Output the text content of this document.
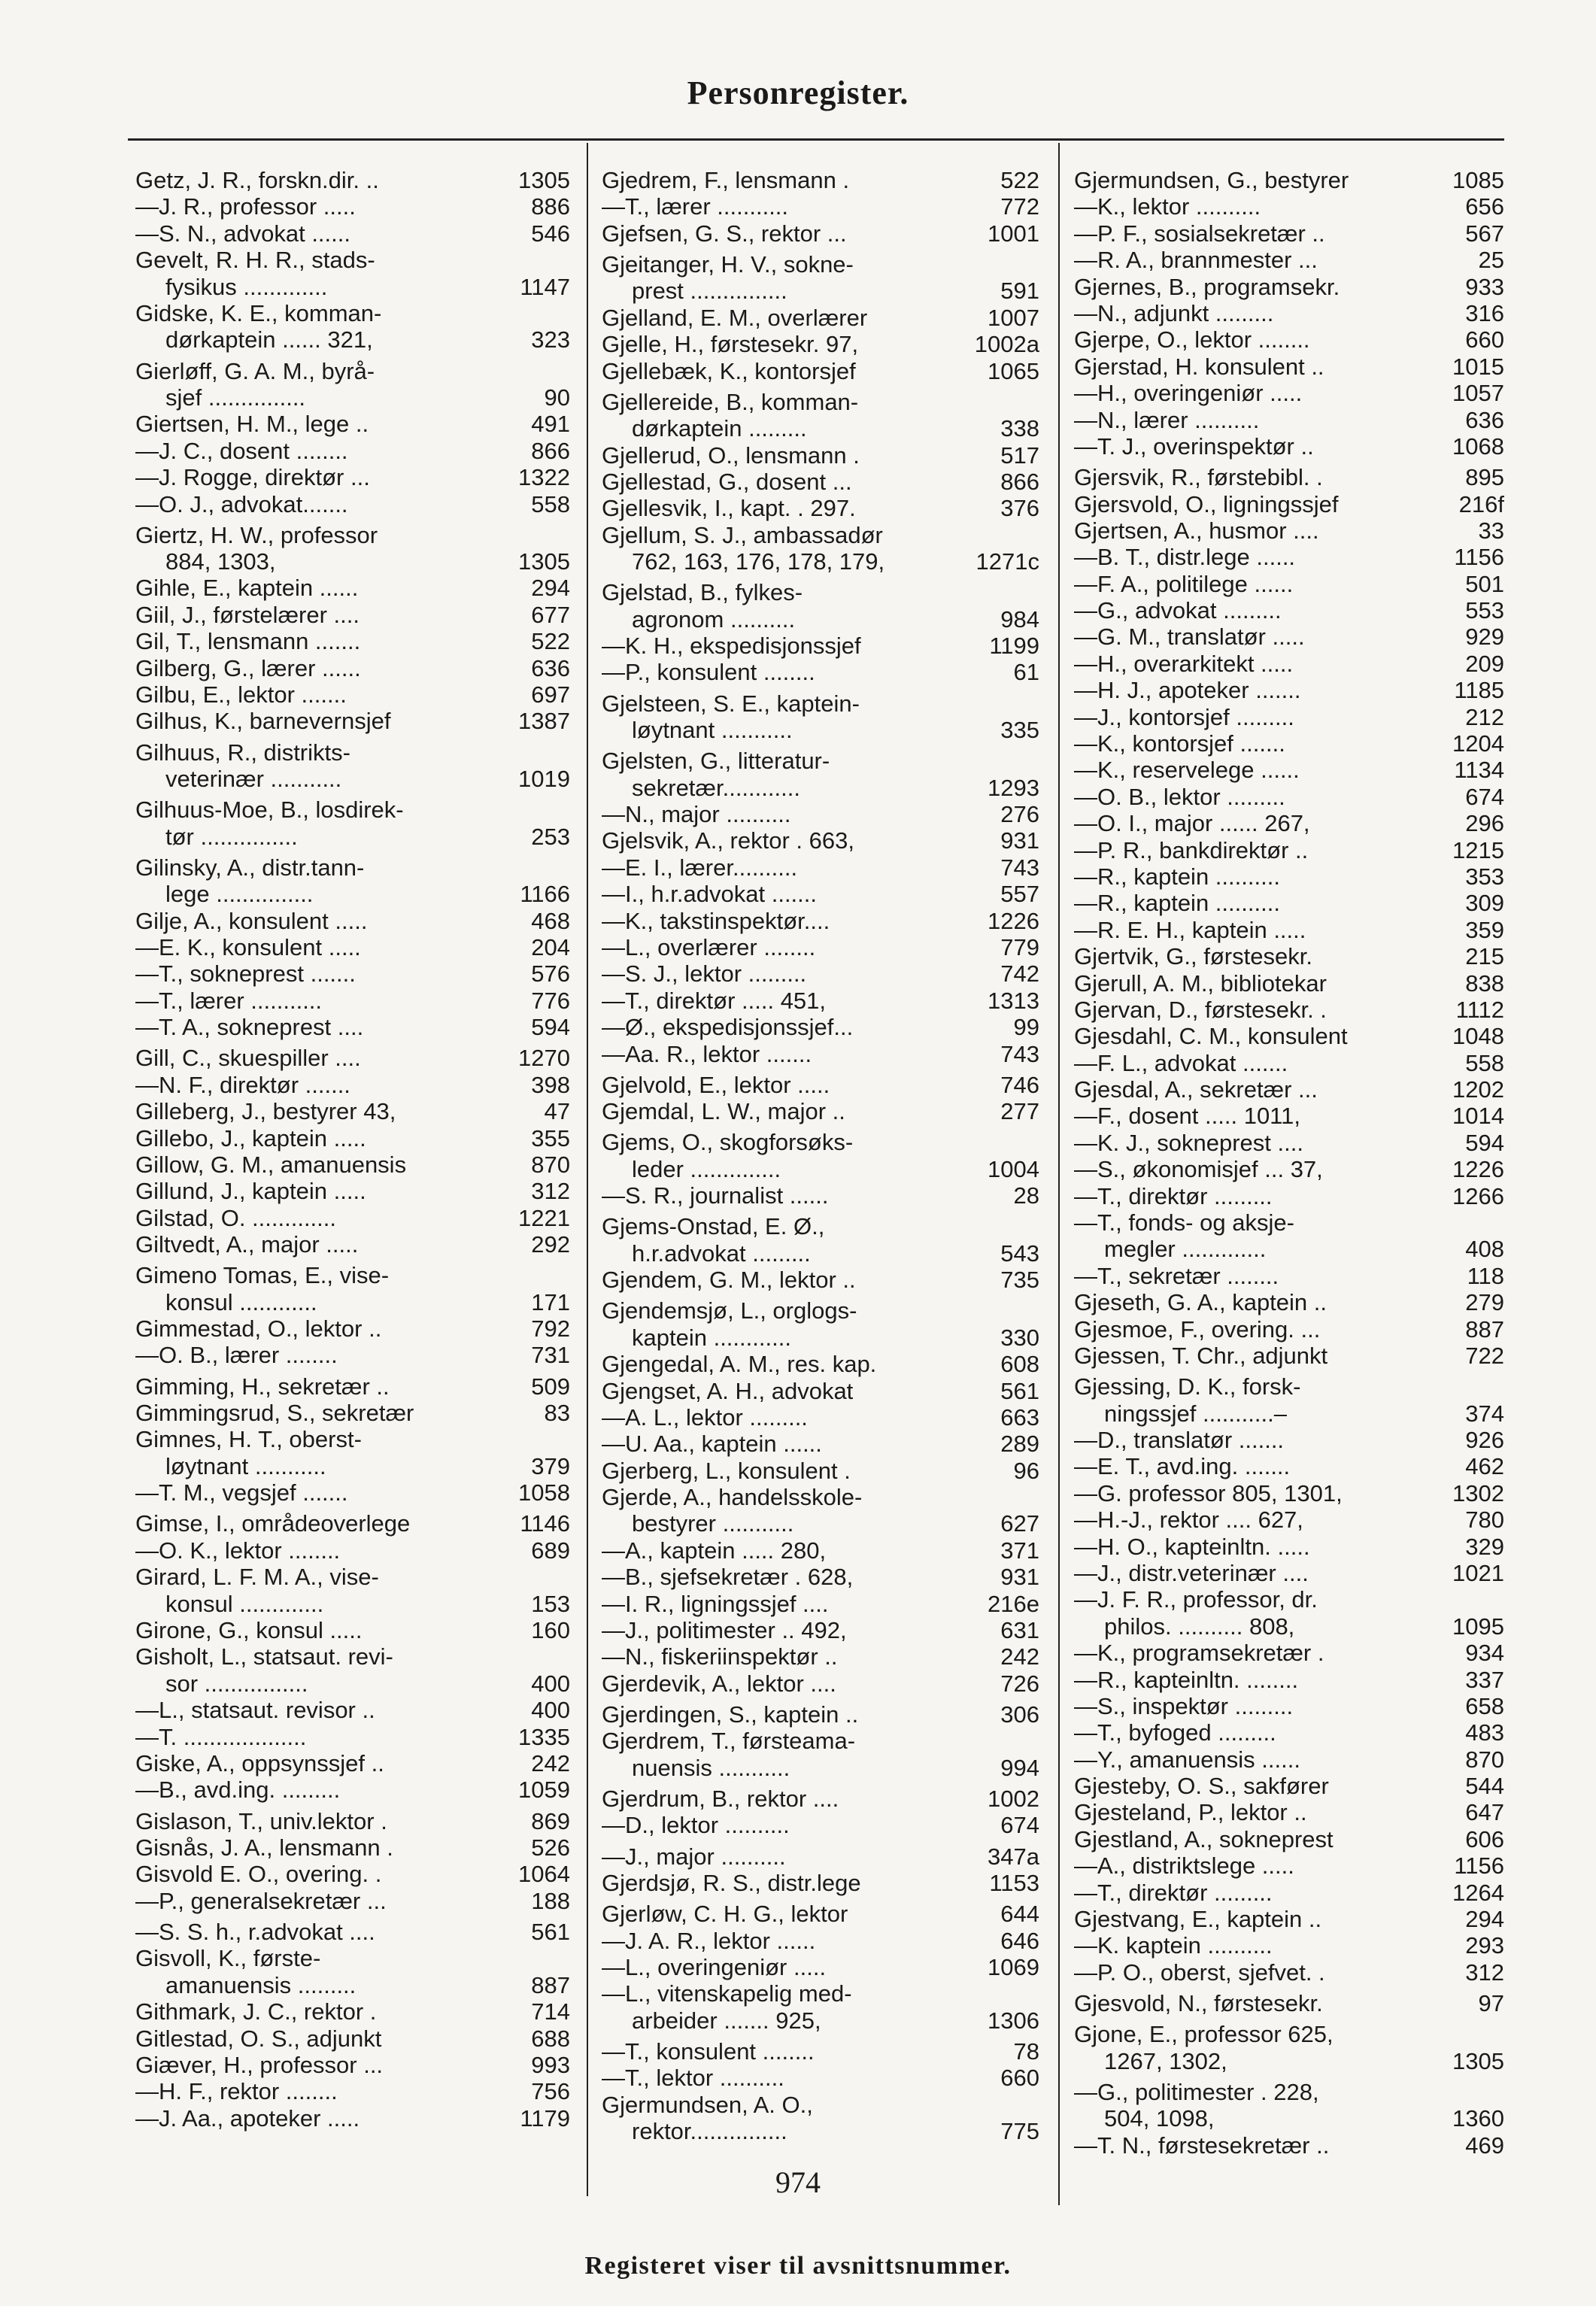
Personregister.
Getz, J. R., forskn.dir. ..	1305
—J. R., professor .....	886
—S. N., advokat ......	546
Gevelt, R. H. R., stads-
fysikus .............	1147
Gidske, K. E., komman-
dørkaptein ...... 321,	323
Gierløff, G. A. M., byrå-
sjef ...............	90
Giertsen, H. M., lege ..	491
—J. C., dosent ........	866
—J. Rogge, direktør ...	1322
—O. J., advokat.......	558
Giertz, H. W., professor
884, 1303,	1305
Gihle, E., kaptein ......	294
Giil, J., førstelærer ....	677
Gil, T., lensmann .......	522
Gilberg, G., lærer ......	636
Gilbu, E., lektor .......	697
Gilhus, K., barnevernsjef	1387
Gilhuus, R., distrikts-
veterinær ...........	1019
Gilhuus-Moe, B., losdirek-
tør ...............	253
Gilinsky, A., distr.tann-
lege ...............	1166
Gilje, A., konsulent .....	468
—E. K., konsulent .....	204
—T., sokneprest .......	576
—T., lærer ...........	776
—T. A., sokneprest ....	594
Gill, C., skuespiller ....	1270
—N. F., direktør .......	398
Gilleberg, J., bestyrer 43,	47
Gillebo, J., kaptein .....	355
Gillow, G. M., amanuensis	870
Gillund, J., kaptein .....	312
Gilstad, O. .............	1221
Giltvedt, A., major .....	292
Gimeno Tomas, E., vise-
konsul ............	171
Gimmestad, O., lektor ..	792
—O. B., lærer ........	731
Gimming, H., sekretær ..	509
Gimmingsrud, S., sekretær	83
Gimnes, H. T., oberst-
løytnant ...........	379
—T. M., vegsjef .......	1058
Gimse, I., områdeoverlege	1146
—O. K., lektor ........	689
Girard, L. F. M. A., vise-
konsul .............	153
Girone, G., konsul .....	160
Gisholt, L., statsaut. revi-
sor ................	400
—L., statsaut. revisor ..	400
—T. ...................	1335
Giske, A., oppsynssjef ..	242
—B., avd.ing. .........	1059
Gislason, T., univ.lektor .	869
Gisnås, J. A., lensmann .	526
Gisvold E. O., overing. .	1064
—P., generalsekretær ...	188
—S. S. h., r.advokat ....	561
Gisvoll, K., første-
amanuensis .........	887
Githmark, J. C., rektor .	714
Gitlestad, O. S., adjunkt	688
Giæver, H., professor ...	993
—H. F., rektor ........	756
—J. Aa., apoteker .....	1179
Gjedrem, F., lensmann .	522
—T., lærer ...........	772
Gjefsen, G. S., rektor ...	1001
Gjeitanger, H. V., sokne-
prest ...............	591
Gjelland, E. M., overlærer	1007
Gjelle, H., førstesekr. 97,	1002a
Gjellebæk, K., kontorsjef	1065
Gjellereide, B., komman-
dørkaptein .........	338
Gjellerud, O., lensmann .	517
Gjellestad, G., dosent ...	866
Gjellesvik, I., kapt. . 297.	376
Gjellum, S. J., ambassadør
762, 163, 176, 178, 179,	1271c
Gjelstad, B., fylkes-
agronom ..........	984
—K. H., ekspedisjonssjef	1199
—P., konsulent ........	61
Gjelsteen, S. E., kaptein-
løytnant ...........	335
Gjelsten, G., litteratur-
sekretær............	1293
—N., major ..........	276
Gjelsvik, A., rektor . 663,	931
—E. I., lærer..........	743
—I., h.r.advokat .......	557
—K., takstinspektør....	1226
—L., overlærer ........	779
—S. J., lektor .........	742
—T., direktør ..... 451,	1313
—Ø., ekspedisjonssjef...	99
—Aa. R., lektor .......	743
Gjelvold, E., lektor .....	746
Gjemdal, L. W., major ..	277
Gjems, O., skogforsøks-
leder ..............	1004
—S. R., journalist ......	28
Gjems-Onstad, E. Ø.,
h.r.advokat .........	543
Gjendem, G. M., lektor ..	735
Gjendemsjø, L., orglogs-
kaptein ............	330
Gjengedal, A. M., res. kap.	608
Gjengset, A. H., advokat	561
—A. L., lektor .........	663
—U. Aa., kaptein ......	289
Gjerberg, L., konsulent .	96
Gjerde, A., handelsskole-
bestyrer ...........	627
—A., kaptein ..... 280,	371
—B., sjefsekretær . 628,	931
—I. R., ligningssjef ....	216e
—J., politimester .. 492,	631
—N., fiskeriinspektør ..	242
Gjerdevik, A., lektor ....	726
Gjerdingen, S., kaptein ..	306
Gjerdrem, T., førsteama-
nuensis ...........	994
Gjerdrum, B., rektor ....	1002
—D., lektor ..........	674
—J., major ..........	347a
Gjerdsjø, R. S., distr.lege	1153
Gjerløw, C. H. G., lektor	644
—J. A. R., lektor ......	646
—L., overingeniør .....	1069
—L., vitenskapelig med-
arbeider ....... 925,	1306
—T., konsulent ........	78
—T., lektor ..........	660
Gjermundsen, A. O.,
rektor...............	775
Gjermundsen, G., bestyrer	1085
—K., lektor ..........	656
—P. F., sosialsekretær ..	567
—R. A., brannmester ...	25
Gjernes, B., programsekr.	933
—N., adjunkt .........	316
Gjerpe, O., lektor ........	660
Gjerstad, H. konsulent ..	1015
—H., overingeniør .....	1057
—N., lærer ..........	636
—T. J., overinspektør ..	1068
Gjersvik, R., førstebibl. .	895
Gjersvold, O., ligningssjef	216f
Gjertsen, A., husmor ....	33
—B. T., distr.lege ......	1156
—F. A., politilege ......	501
—G., advokat .........	553
—G. M., translatør .....	929
—H., overarkitekt .....	209
—H. J., apoteker .......	1185
—J., kontorsjef .........	212
—K., kontorsjef .......	1204
—K., reservelege ......	1134
—O. B., lektor .........	674
—O. I., major ...... 267,	296
—P. R., bankdirektør ..	1215
—R., kaptein ..........	353
—R., kaptein ..........	309
—R. E. H., kaptein .....	359
Gjertvik, G., førstesekr.	215
Gjerull, A. M., bibliotekar	838
Gjervan, D., førstesekr. .	1112
Gjesdahl, C. M., konsulent	1048
—F. L., advokat .......	558
Gjesdal, A., sekretær ...	1202
—F., dosent ..... 1011,	1014
—K. J., sokneprest ....	594
—S., økonomisjef ... 37,	1226
—T., direktør .........	1266
—T., fonds- og aksje-
megler .............	408
—T., sekretær ........	118
Gjeseth, G. A., kaptein ..	279
Gjesmoe, F., overing. ...	887
Gjessen, T. Chr., adjunkt	722
Gjessing, D. K., forsk-
ningssjef ...........–	374
—D., translatør .......	926
—E. T., avd.ing. .......	462
—G. professor 805, 1301,	1302
—H.-J., rektor .... 627,	780
—H. O., kapteinltn. .....	329
—J., distr.veterinær ....	1021
—J. F. R., professor, dr.
philos. .......... 808,	1095
—K., programsekretær .	934
—R., kapteinltn. ........	337
—S., inspektør .........	658
—T., byfoged .........	483
—Y., amanuensis ......	870
Gjesteby, O. S., sakfører	544
Gjesteland, P., lektor ..	647
Gjestland, A., sokneprest	606
—A., distriktslege .....	1156
—T., direktør .........	1264
Gjestvang, E., kaptein ..	294
—K. kaptein ..........	293
—P. O., oberst, sjefvet. .	312
Gjesvold, N., førstesekr.	97
Gjone, E., professor 625,
1267, 1302,	1305
—G., politimester . 228,
504, 1098,	1360
—T. N., førstesekretær ..	469
974
Registeret viser til avsnittsnummer.
